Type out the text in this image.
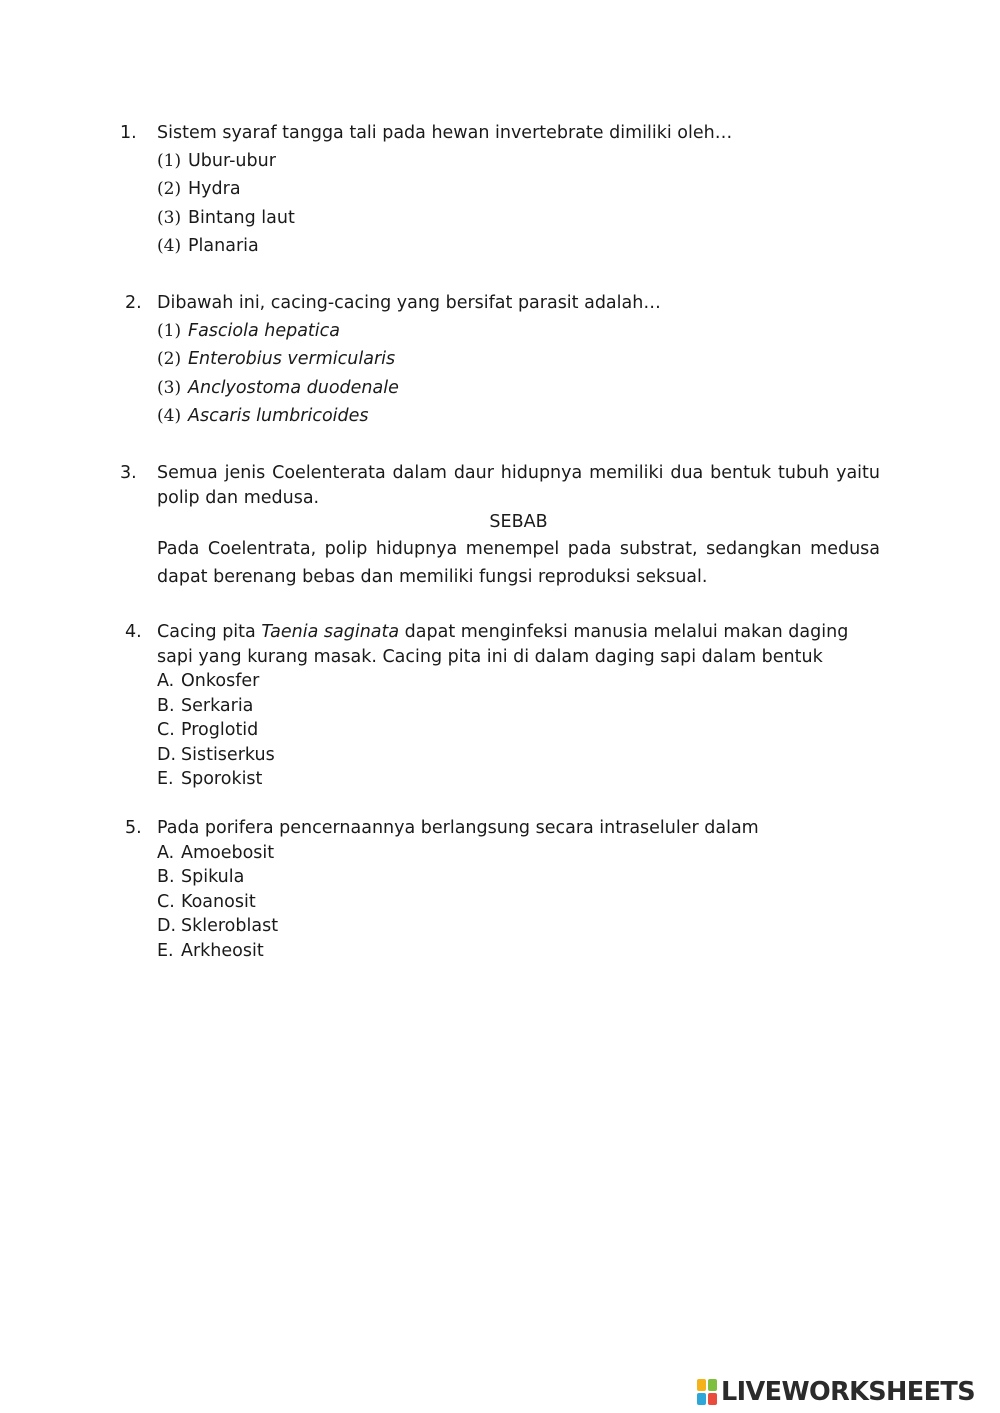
1. Sistem syaraf tangga tali pada hewan invertebrate dimiliki oleh…
(1) Ubur-ubur
(2) Hydra
(3) Bintang laut
(4) Planaria
2. Dibawah ini, cacing-cacing yang bersifat parasit adalah…
(1) Fasciola hepatica
(2) Enterobius vermicularis
(3) Anclyostoma duodenale
(4) Ascaris lumbricoides
3. Semua jenis Coelenterata dalam daur hidupnya memiliki dua bentuk tubuh yaitu polip dan medusa.
SEBAB
Pada Coelentrata, polip hidupnya menempel pada substrat, sedangkan medusa dapat berenang bebas dan memiliki fungsi reproduksi seksual.
4. Cacing pita Taenia saginata dapat menginfeksi manusia melalui makan daging sapi yang kurang masak. Cacing pita ini di dalam daging sapi dalam bentuk
A. Onkosfer
B. Serkaria
C. Proglotid
D. Sistiserkus
E. Sporokist
5. Pada porifera pencernaannya berlangsung secara intraseluler dalam
A. Amoebosit
B. Spikula
C. Koanosit
D. Skleroblast
E. Arkheosit
LIVEWORKSHEETS
